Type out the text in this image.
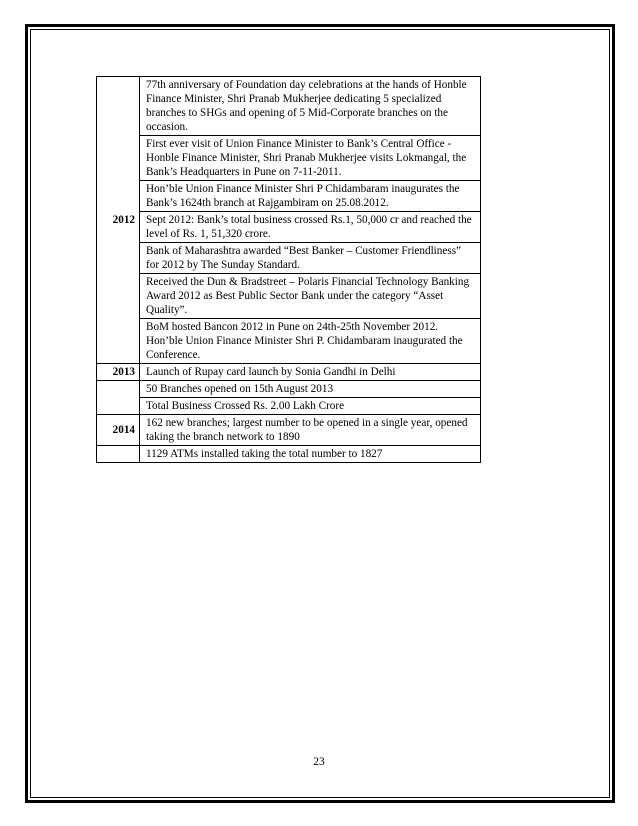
2012	77th anniversary of Foundation day celebrations at the hands of Honble Finance Minister, Shri Pranab Mukherjee dedicating 5 specialized branches to SHGs and opening of 5 Mid-Corporate branches on the occasion.
	First ever visit of Union Finance Minister to Bank’s Central Office - Honble Finance Minister, Shri Pranab Mukherjee visits Lokmangal, the Bank’s Headquarters in Pune on 7-11-2011.
	Hon’ble Union Finance Minister Shri P Chidambaram inaugurates the Bank’s 1624th branch at Rajgambiram on 25.08.2012.
	Sept 2012: Bank’s total business crossed Rs.1, 50,000 cr and reached the level of Rs. 1, 51,320 crore.
	Bank of Maharashtra awarded “Best Banker – Customer Friendliness” for 2012 by The Sunday Standard.
	Received the Dun & Bradstreet – Polaris Financial Technology Banking Award 2012 as Best Public Sector Bank under the category “Asset Quality”.
	BoM hosted Bancon 2012 in Pune on 24th-25th November 2012. Hon’ble Union Finance Minister Shri P. Chidambaram inaugurated the Conference.
2013	Launch of Rupay card launch by Sonia Gandhi in Delhi
	50 Branches opened on 15th August 2013
	Total Business Crossed Rs. 2.00 Lakh Crore
2014	162 new branches; largest number to be opened in a single year, opened taking the branch network to 1890
	1129 ATMs installed taking the total number to 1827
23
